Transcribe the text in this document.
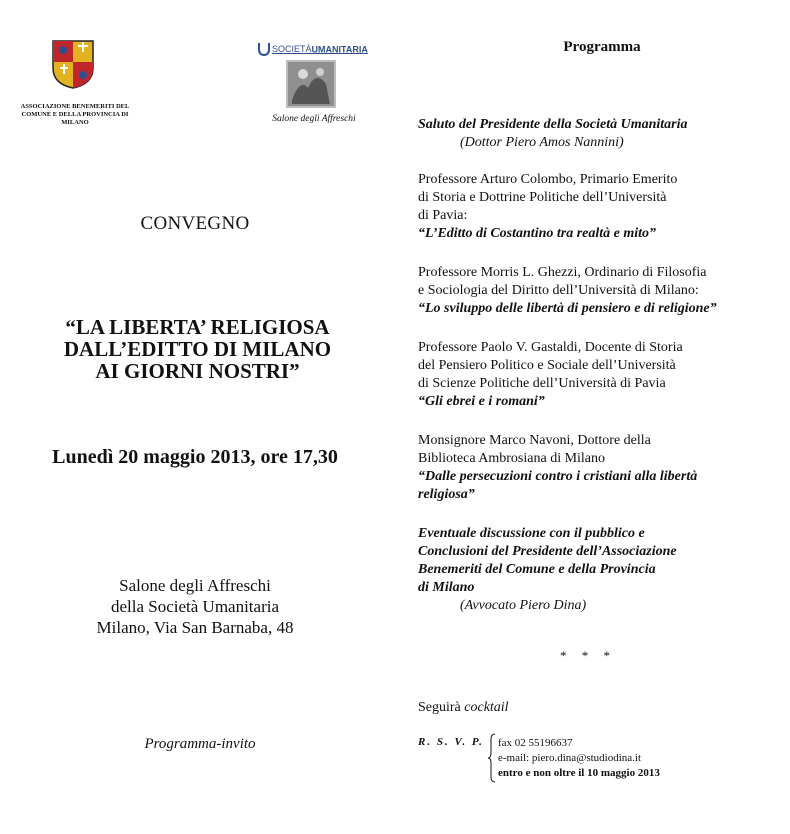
ASSOCIAZIONE BENEMERITI DEL COMUNE E DELLA PROVINCIA DI MILANO
SOCIETÀUMANITARIA
Salone degli Affreschi
CONVEGNO
“LA LIBERTA’ RELIGIOSA
DALL’EDITTO DI MILANO
AI GIORNI NOSTRI”
Lunedì 20 maggio 2013, ore 17,30
Salone degli Affreschi
della Società Umanitaria
Milano, Via San Barnaba, 48
Programma-invito
Programma
Saluto del Presidente della Società Umanitaria
(Dottor Piero Amos Nannini)
Professore Arturo Colombo, Primario Emerito
di Storia e Dottrine Politiche dell’Università
di Pavia:
“L’Editto di Costantino tra realtà e mito”
Professore Morris L. Ghezzi, Ordinario di Filosofia
e Sociologia del Diritto dell’Università di Milano:
“Lo sviluppo delle libertà di pensiero e di religione”
Professore Paolo V. Gastaldi, Docente di Storia
del Pensiero Politico e Sociale dell’Università
di Scienze Politiche dell’Università di Pavia
“Gli ebrei e i romani”
Monsignore Marco Navoni, Dottore della
Biblioteca Ambrosiana di Milano
“Dalle persecuzioni contro i cristiani alla libertà
religiosa”
Eventuale discussione con il pubblico e
Conclusioni del Presidente dell’Associazione
Benemeriti del Comune e della Provincia
di Milano
(Avvocato Piero Dina)
* * *
Seguirà cocktail
R. S. V. P. fax 02 55196637
e-mail: piero.dina@studiodina.it
entro e non oltre il 10 maggio 2013
